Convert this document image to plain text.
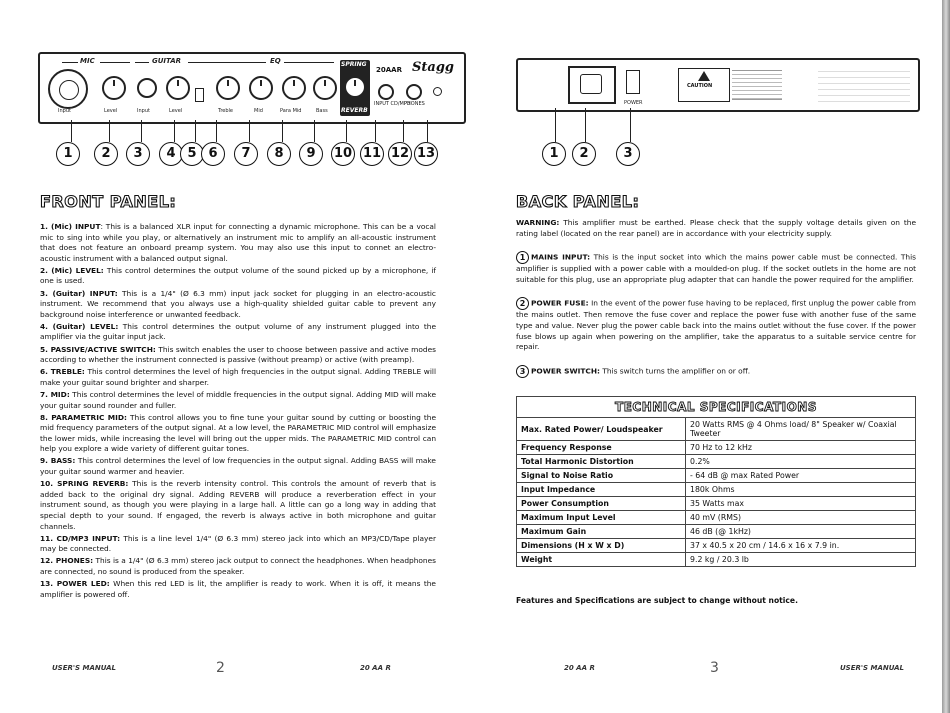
MIC
Input	Level
GUITAR
Input	Level
EQ
Treble	Mid	Para Mid	Bass
SPRING
REVERB
20AAR Stagg
INPUT CD/MP3
PHONES
1	2	3	4 5 6	7	8	9	10 11 12 13
FRONT PANEL:

1. (Mic) INPUT: This is a balanced XLR input for connecting a dynamic microphone. This can be a vocal mic to sing into while you play, or alternatively an instrument mic to amplify an all-acoustic instrument that does not feature an onboard preamp system. You may also use this input to connet an electro-acoustic instrument with a balanced output signal.

2. (Mic) LEVEL: This control determines the output volume of the sound picked up by a microphone, if one is used.

3. (Guitar) INPUT: This is a 1/4" (Ø 6.3 mm) input jack socket for plugging in an electro-acoustic instrument. We recommend that you always use a high-quality shielded guitar cable to prevent any background noise interference or unwanted feedback.

4. (Guitar) LEVEL: This control determines the output volume of any instrument plugged into the amplifier via the guitar input jack.

5. PASSIVE/ACTIVE SWITCH: This switch enables the user to choose between passive and active modes according to whether the instrument connected is passive (without preamp) or active (with preamp).

6. TREBLE: This control determines the level of high frequencies in the output signal. Adding TREBLE will make your guitar sound brighter and sharper.

7. MID: This control determines the level of middle frequencies in the output signal. Adding MID will make your guitar sound rounder and fuller.

8. PARAMETRIC MID: This control allows you to fine tune your guitar sound by cutting or boosting the mid frequency parameters of the output signal. At a low level, the PARAMETRIC MID control will emphasize the lower mids, while increasing the level will bring out the upper mids. The PARAMETRIC MID control can help you explore a wide variety of different guitar tones.

9. BASS: This control determines the level of low frequencies in the output signal. Adding BASS will make your guitar sound warmer and heavier.

10. SPRING REVERB: This is the reverb intensity control. This controls the amount of reverb that is added back to the original dry signal. Adding REVERB will produce a reverberation effect in your instrument sound, as though you were playing in a large hall. A little can go a long way in adding that special depth to your sound. If engaged, the reverb is always active in both microphone and guitar channels.

11. CD/MP3 INPUT: This is a line level 1/4" (Ø 6.3 mm) stereo jack into which an MP3/CD/Tape player may be connected.

12. PHONES: This is a 1/4" (Ø 6.3 mm) stereo jack output to connect the headphones. When headphones are connected, no sound is produced from the speaker.

13. POWER LED: When this red LED is lit, the amplifier is ready to work. When it is off, it means the amplifier is powered off.

USER'S MANUAL	2	20 AA R
POWER
CAUTION
1	2	3
BACK PANEL:

WARNING: This amplifier must be earthed. Please check that the supply voltage details given on the rating label (located on the rear panel) are in accordance with your electricity supply.

1 MAINS INPUT: This is the input socket into which the mains power cable must be connected. This amplifier is supplied with a power cable with a moulded-on plug. If the socket outlets in the home are not suitable for this plug, use an appropriate plug adapter that can handle the power required for the amplifier.

2 POWER FUSE: In the event of the power fuse having to be replaced, first unplug the power cable from the mains outlet. Then remove the fuse cover and replace the power fuse with another fuse of the same type and value. Never plug the power cable back into the mains outlet without the fuse cover. If the power fuse blows up again when powering on the amplifier, take the apparatus to a suitable service centre for repair.

3 POWER SWITCH: This switch turns the amplifier on or off.

TECHNICAL SPECIFICATIONS	
Max. Rated Power/ Loudspeaker	20 Watts RMS @ 4 Ohms load/ 8" Speaker w/ Coaxial Tweeter
Frequency Response	70 Hz to 12 kHz
Total Harmonic Distortion	0.2%
Signal to Noise Ratio	- 64 dB @ max Rated Power
Input Impedance	180k Ohms
Power Consumption	35 Watts max
Maximum Input Level	40 mV (RMS)
Maximum Gain	46 dB (@ 1kHz)
Dimensions (H x W x D)	37 x 40.5 x 20 cm / 14.6 x 16 x 7.9 in.
Weight	9.2 kg / 20.3 lb
Features and Specifications are subject to change without notice.
20 AA R	3	USER'S MANUAL
